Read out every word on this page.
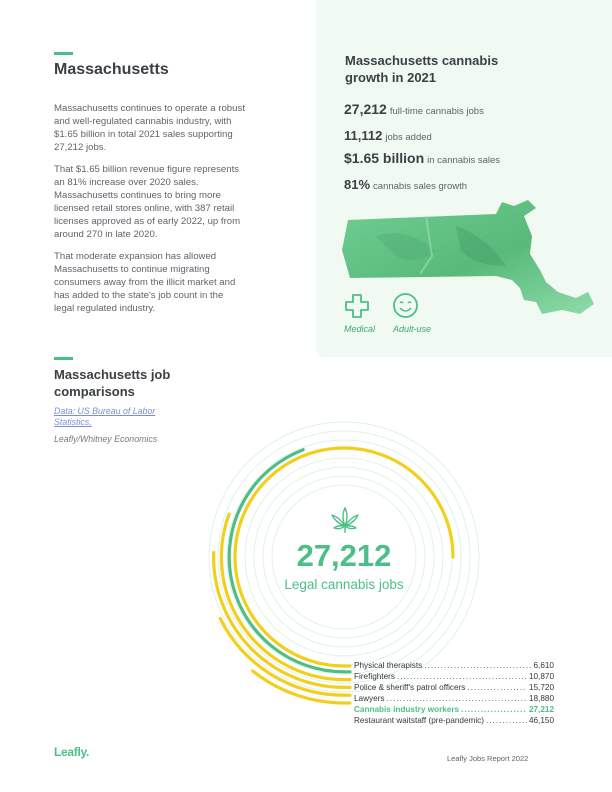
Massachusetts

Massachusetts continues to operate a robust and well-regulated cannabis industry, with $1.65 billion in total 2021 sales supporting 27,212 jobs.

That $1.65 billion revenue figure represents an 81% increase over 2020 sales. Massachusetts continues to bring more licensed retail stores online, with 387 retail licenses approved as of early 2022, up from around 270 in late 2020.

That moderate expansion has allowed Massachusetts to continue migrating consumers away from the illicit market and has added to the state's job count in the legal regulated industry.

Massachusetts cannabis growth in 2021
27,212 full-time cannabis jobs
11,112 jobs added
$1.65 billion in cannabis sales
81% cannabis sales growth
Medical Adult-use
Massachusetts job comparisons
Data: US Bureau of Labor Statistics,
Leafly/Whitney Economics
27,212
Legal cannabis jobs
Physical therapists .....	6,610
Firefighters .....	10,870
Police & sheriff's patrol officers .....	15,720
Lawyers .....	18,880
Cannabis industry workers .....	27,212
Restaurant waitstaff (pre-pandemic) .....	46,150
Leafly.	Leafly Jobs Report 2022
